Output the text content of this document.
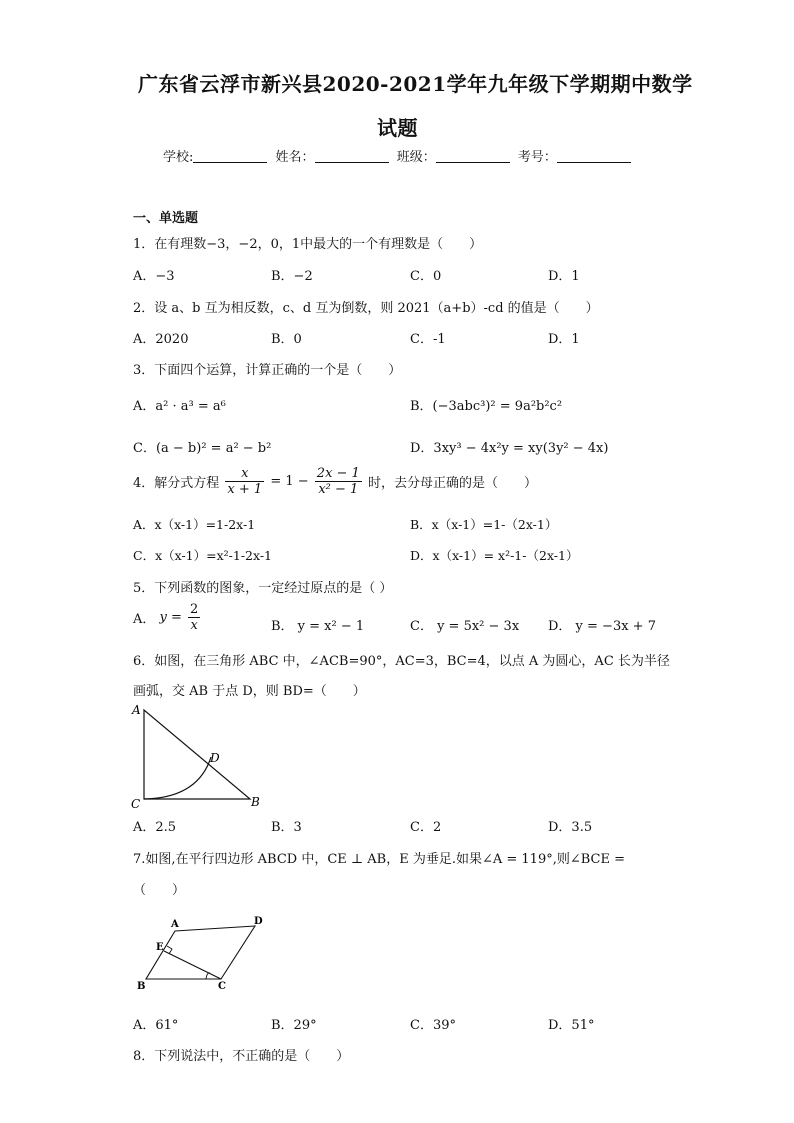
广东省云浮市新兴县2020-2021学年九年级下学期期中数学
试题
学校:	姓名：	班级：	考号：
一、单选题
1．在有理数−3，−2，0，1中最大的一个有理数是（　　）
A．−3	B．−2	C．0	D．1
2．设 a、b 互为相反数，c、d 互为倒数，则 2021（a+b）-cd 的值是（　　）
A．2020	B．0	C．-1	D．1
3．下面四个运算，计算正确的一个是（　　）
A．a² · a³ = a⁶	B．(−3abc³)² = 9a²b²c²
C．(a − b)² = a² − b²	D．3xy³ − 4x²y = xy(3y² − 4x)
4．解分式方程 $\frac{x}{x + 1} = 1 - \frac{2x - 1}{\text{x² − 1}}$ 时，去分母正确的是（　　）
A．x（x-1）=1-2x-1	B．x（x-1）=1-（2x-1）
C．x（x-1）=x²-1-2x-1	D．x（x-1）= x²-1-（2x-1）
5．下列函数的图象，一定经过原点的是（ ）
A． $y = \frac{2}{x}$	B． y = x² − 1	C． y = 5x² − 3x D． y = −3x + 7
6．如图，在三角形 ABC 中，∠ACB=90°，AC=3，BC=4，以点 A 为圆心，AC 长为半径
画弧，交 AB 于点 D，则 BD=（　　）
A
C	B
D
A．2.5	B．3	C．2	D．3.5
7.如图,在平行四边形 ABCD 中，CE ⊥ AB，E 为垂足.如果∠A = 119°,则∠BCE =
（　　）
A	D
E
B	C
A．61°	B．29°	C．39°	D．51°
8．下列说法中，不正确的是（　　）
